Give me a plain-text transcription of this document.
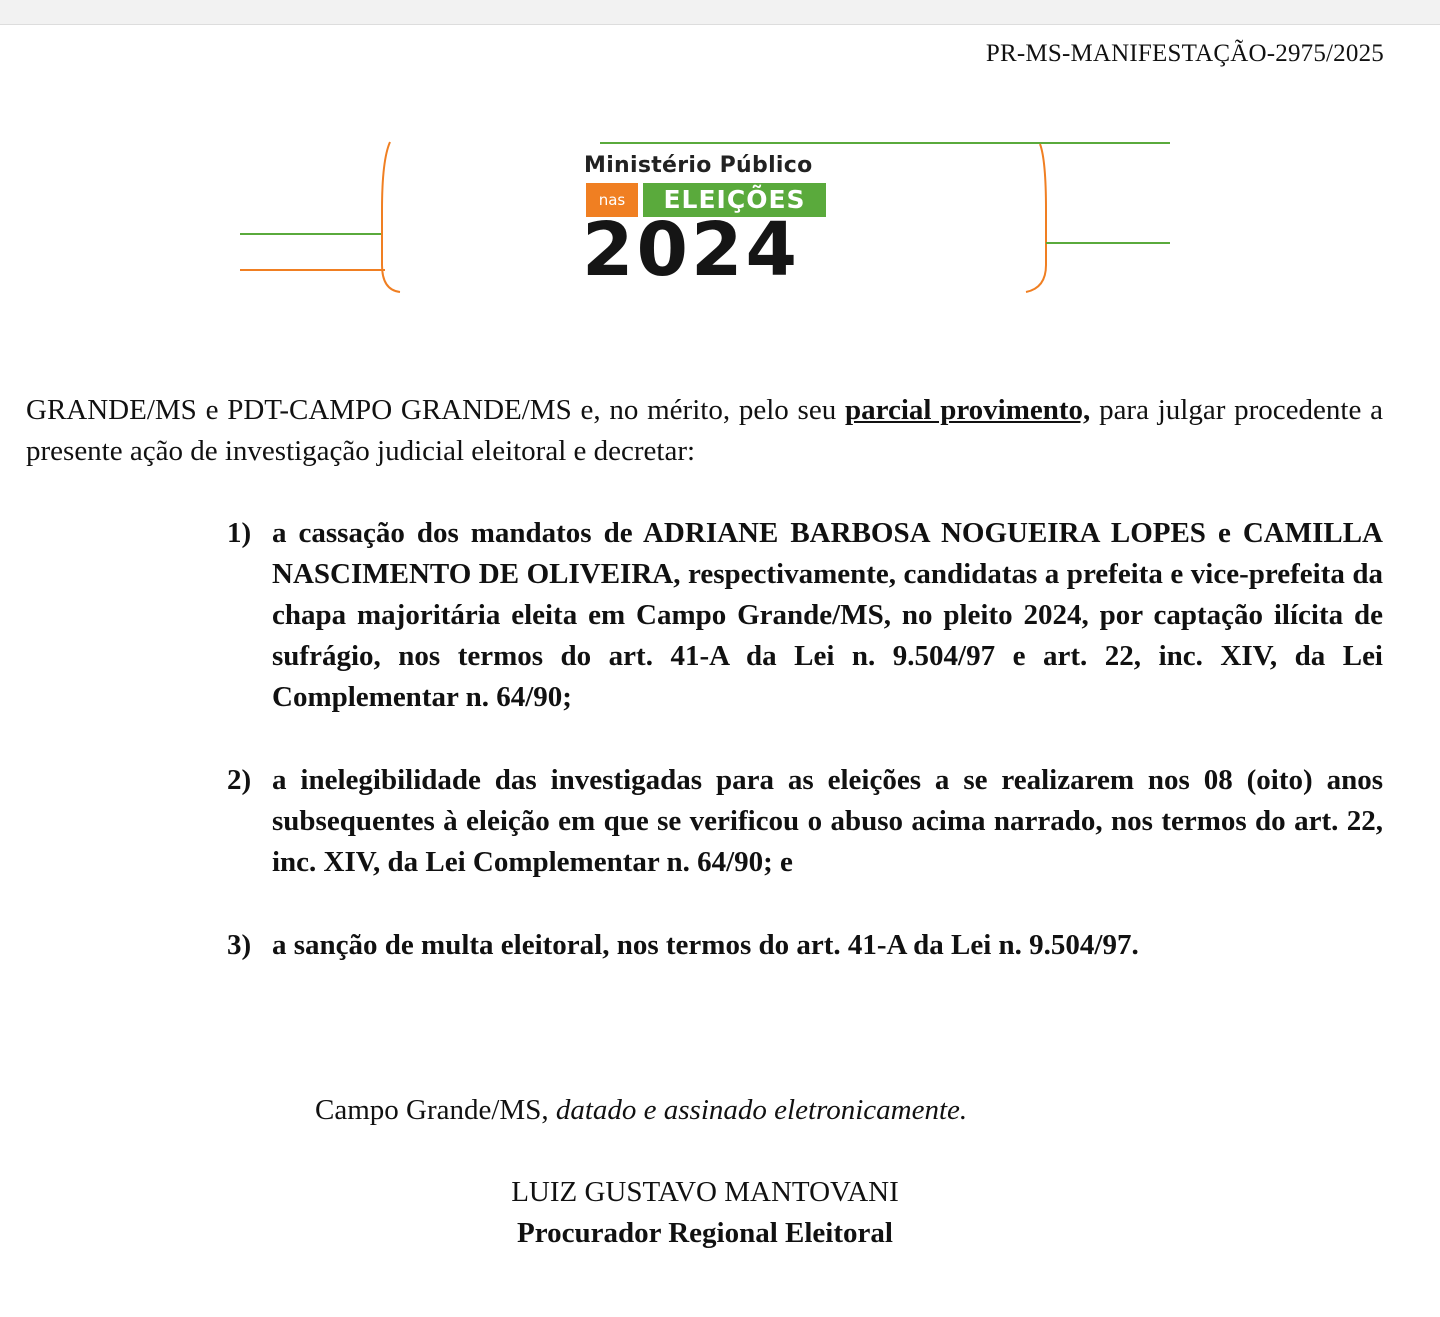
PR-MS-MANIFESTAÇÃO-2975/2025
Ministério Público
nas	ELEIÇÕES
2024
GRANDE/MS e PDT-CAMPO GRANDE/MS e, no mérito, pelo seu parcial provimento, para julgar procedente a presente ação de investigação judicial eleitoral e decretar:
1) a cassação dos mandatos de ADRIANE BARBOSA NOGUEIRA LOPES e CAMILLA NASCIMENTO DE OLIVEIRA, respectivamente, candidatas a prefeita e vice-prefeita da chapa majoritária eleita em Campo Grande/MS, no pleito 2024, por captação ilícita de sufrágio, nos termos do art. 41-A da Lei n. 9.504/97 e art. 22, inc. XIV, da Lei Complementar n. 64/90;
2) a inelegibilidade das investigadas para as eleições a se realizarem nos 08 (oito) anos subsequentes à eleição em que se verificou o abuso acima narrado, nos termos do art. 22, inc. XIV, da Lei Complementar n. 64/90; e
3) a sanção de multa eleitoral, nos termos do art. 41-A da Lei n. 9.504/97.
Campo Grande/MS, datado e assinado eletronicamente.
LUIZ GUSTAVO MANTOVANI
Procurador Regional Eleitoral
